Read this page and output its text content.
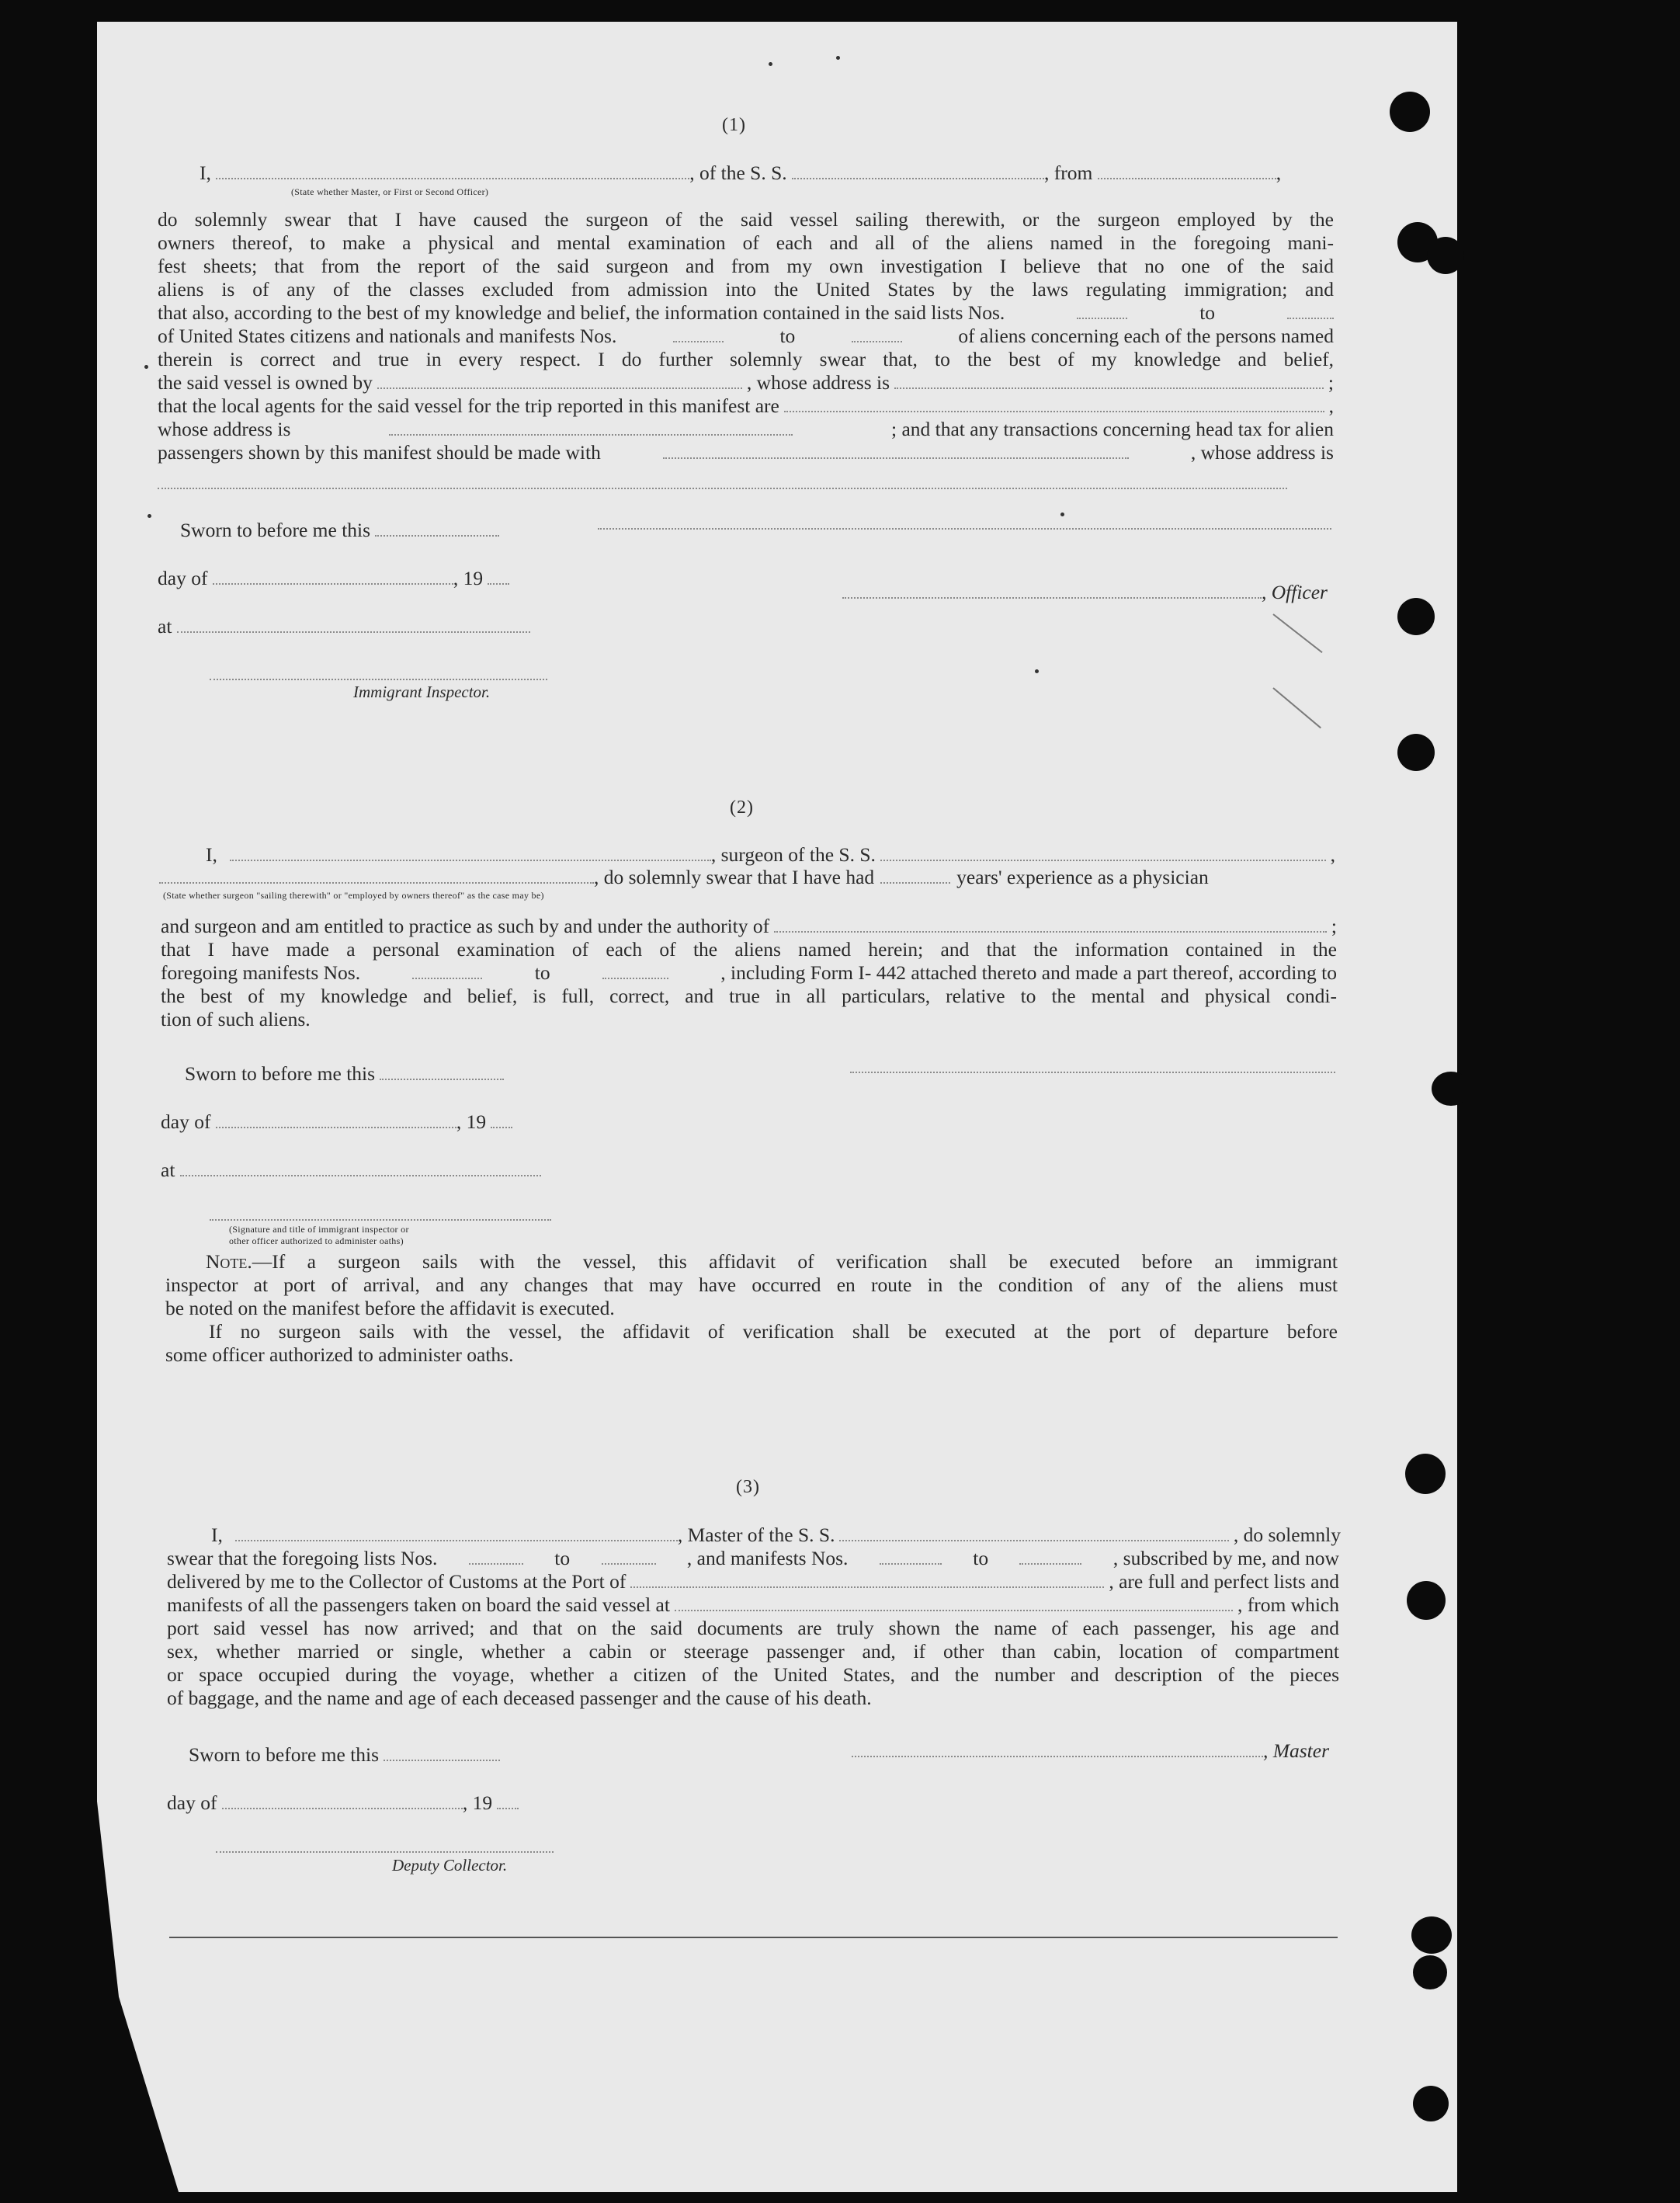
(1)
I,	, of the S. S.	, from	,
(State whether Master, or First or Second Officer)
do solemnly swear that I have caused the surgeon of the said vessel sailing therewith, or the surgeon employed by the
owners thereof, to make a physical and mental examination of each and all of the aliens named in the foregoing mani-
fest sheets; that from the report of the said surgeon and from my own investigation I believe that no one of the said
aliens is of any of the classes excluded from admission into the United States by the laws regulating immigration; and
that also, according to the best of my knowledge and belief, the information contained in the said lists Nos.	to
of United States citizens and nationals and manifests Nos.	to	of aliens concerning each of the persons named
therein is correct and true in every respect. I do further solemnly swear that, to the best of my knowledge and belief,
the said vessel is owned by	, whose address is	;
that the local agents for the said vessel for the trip reported in this manifest are	,
whose address is	; and that any transactions concerning head tax for alien
passengers shown by this manifest should be made with	, whose address is
Sworn to before me this
day of	, 19
, Officer
at
Immigrant Inspector.
(2)
I,	, surgeon of the S. S.	,
, do solemnly swear that I have had	years' experience as a physician
(State whether surgeon "sailing therewith" or "employed by owners thereof" as the case may be)
and surgeon and am entitled to practice as such by and under the authority of	;
that I have made a personal examination of each of the aliens named herein; and that the information contained in the
foregoing manifests Nos.	to	, including Form I- 442 attached thereto and made a part thereof, according to
the best of my knowledge and belief, is full, correct, and true in all particulars, relative to the mental and physical condi-
tion of such aliens.
Sworn to before me this
day of	, 19
at
(Signature and title of immigrant inspector or
other officer authorized to administer oaths)
Note. —If a surgeon sails with the vessel, this affidavit of verification shall be executed before an immigrant
inspector at port of arrival, and any changes that may have occurred en route in the condition of any of the aliens must
be noted on the manifest before the affidavit is executed.
If no surgeon sails with the vessel, the affidavit of verification shall be executed at the port of departure before
some officer authorized to administer oaths.
(3)
I,	, Master of the S. S.	, do solemnly
swear that the foregoing lists Nos.	to	, and manifests Nos.	to	, subscribed by me, and now
delivered by me to the Collector of Customs at the Port of	, are full and perfect lists and
manifests of all the passengers taken on board the said vessel at	, from which
port said vessel has now arrived; and that on the said documents are truly shown the name of each passenger, his age and
sex, whether married or single, whether a cabin or steerage passenger and, if other than cabin, location of compartment
or space occupied during the voyage, whether a citizen of the United States, and the number and description of the pieces
of baggage, and the name and age of each deceased passenger and the cause of his death.
Sworn to before me this	, Master
day of	, 19
Deputy Collector.
